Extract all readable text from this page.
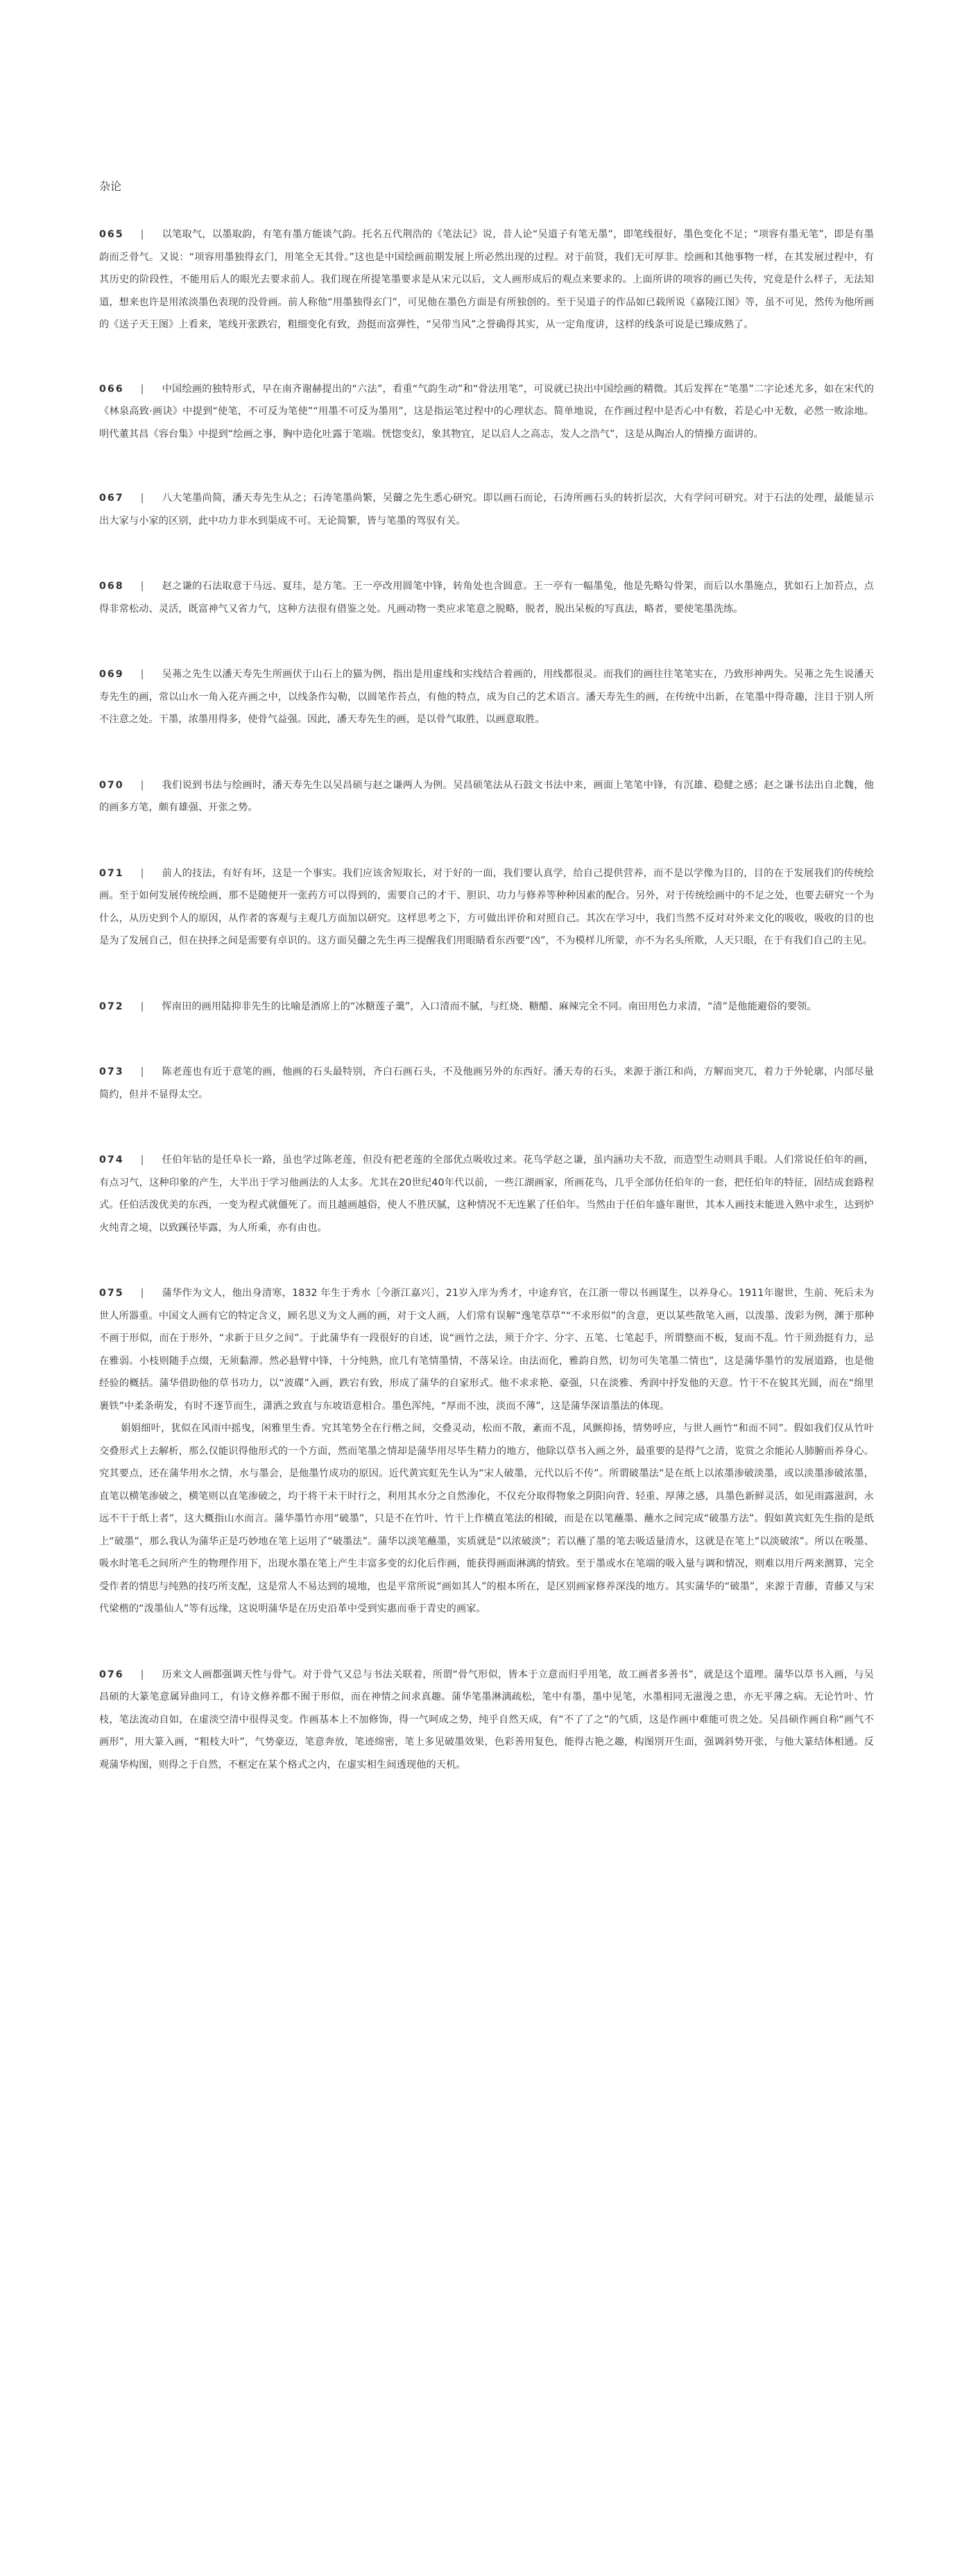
杂论

065 | 以笔取气，以墨取韵，有笔有墨方能谈气韵。托名五代荆浩的《笔法记》说，昔人论“吴道子有笔无墨”，即笔线很好，墨色变化不足；“项容有墨无笔”，即是有墨韵而乏骨气。又说：“项容用墨独得玄门，用笔全无其骨。”这也是中国绘画前期发展上所必然出现的过程。对于前贤，我们无可厚非。绘画和其他事物一样，在其发展过程中，有其历史的阶段性，不能用后人的眼光去要求前人。我们现在所提笔墨要求是从宋元以后，文人画形成后的观点来要求的。上面所讲的项容的画已失传，究竟是什么样子，无法知道，想来也许是用浓淡墨色表现的没骨画。前人称他“用墨独得玄门”，可见他在墨色方面是有所独创的。至于吴道子的作品如已载所说《嘉陵江图》等，虽不可见，然传为他所画的《送子天王图》上看来，笔线开张跌宕，粗细变化有致，劲挺而富弹性，“吴带当风”之誉确得其实，从一定角度讲，这样的线条可说是已臻成熟了。

066 | 中国绘画的独特形式，早在南齐谢赫提出的“六法”，看重“气韵生动”和“骨法用笔”，可说就已抉出中国绘画的精微。其后发挥在“笔墨”二字论述尤多，如在宋代的《林泉高致·画诀》中提到“使笔，不可反为笔使”“用墨不可反为墨用”，这是指运笔过程中的心理状态。简单地说，在作画过程中是否心中有数，若是心中无数，必然一败涂地。明代董其昌《容台集》中提到“绘画之事，胸中造化吐露于笔端。恍惚变幻，象其物宜，足以启人之高志，发人之浩气”，这是从陶冶人的情操方面讲的。

067 | 八大笔墨尚简，潘天寿先生从之；石涛笔墨尚繁，吴薾之先生悉心研究。即以画石而论，石涛所画石头的转折层次，大有学问可研究。对于石法的处理，最能显示出大家与小家的区别，此中功力非水到渠成不可。无论简繁，皆与笔墨的驾驭有关。

068 | 赵之谦的石法取意于马远、夏珪，是方笔。王一亭改用圆笔中锋，转角处也含圆意。王一亭有一幅墨兔，他是先略勾骨架，而后以水墨施点，犹如石上加苔点，点得非常松动、灵活，既富神气又省力气，这种方法很有借鉴之处。凡画动物一类应求笔意之脱略，脱者，脱出呆板的写真法，略者，要使笔墨洗练。

069 | 吴茀之先生以潘天寿先生所画伏于山石上的猫为例，指出是用虚线和实线结合着画的，用线都很灵。而我们的画往往笔笔实在，乃致形神两失。吴茀之先生说潘天寿先生的画，常以山水一角入花卉画之中，以线条作勾勒，以圆笔作苔点，有他的特点，成为自己的艺术语言。潘天寿先生的画，在传统中出新，在笔墨中得奇趣，注目于别人所不注意之处。干墨，浓墨用得多，使骨气益强。因此，潘天寿先生的画，是以骨气取胜，以画意取胜。

070 | 我们说到书法与绘画时，潘天寿先生以吴昌硕与赵之谦两人为例。吴昌硕笔法从石鼓文书法中来，画面上笔笔中锋，有沉雄、稳健之感；赵之谦书法出自北魏，他的画多方笔，颇有雄强、开张之势。

071 | 前人的技法，有好有坏，这是一个事实。我们应该舍短取长，对于好的一面，我们要认真学，给自己提供营养，而不是以学像为目的，目的在于发展我们的传统绘画。至于如何发展传统绘画，那不是随便开一张药方可以得到的，需要自己的才干、胆识、功力与修养等种种因素的配合。另外，对于传统绘画中的不足之处，也要去研究一个为什么，从历史到个人的原因，从作者的客观与主观几方面加以研究。这样思考之下，方可做出评价和对照自己。其次在学习中，我们当然不反对对外来文化的吸收，吸收的目的也是为了发展自己，但在抉择之间是需要有卓识的。这方面吴薾之先生再三提醒我们用眼睛看东西要“凶”，不为模样儿所蒙，亦不为名头所欺，人天只眼，在于有我们自己的主见。

072 | 恽南田的画用陆抑非先生的比喻是酒席上的“冰糖莲子羹”，入口清而不腻，与红烧、糖醋、麻辣完全不同。南田用色力求清，“清”是他能避俗的要领。

073 | 陈老莲也有近于意笔的画，他画的石头最特别，齐白石画石头，不及他画另外的东西好。潘天寿的石头，来源于浙江和尚，方解而突兀，着力于外轮廓，内部尽量简约，但并不显得太空。

074 | 任伯年钻的是任阜长一路，虽也学过陈老莲，但没有把老莲的全部优点吸收过来。花鸟学赵之谦，虽内涵功夫不敌，而造型生动则具手眼。人们常说任伯年的画，有点习气，这种印象的产生，大半出于学习他画法的人太多。尤其在20世纪40年代以前，一些江湖画家，所画花鸟，几乎全部仿任伯年的一套，把任伯年的特征，固结成套路程式。任伯活泼优美的东西，一变为程式就僵死了。而且越画越俗，使人不胜厌腻，这种情况不无连累了任伯年。当然由于任伯年盛年谢世，其本人画技未能进入熟中求生，达到炉火纯青之境，以致蹊径毕露，为人所乘，亦有由也。

075 | 蒲华作为文人，他出身清寒，1832 年生于秀水［今浙江嘉兴］，21岁入庠为秀才，中途弃官，在江浙一带以书画谋生，以养身心。1911年谢世，生前、死后未为世人所器重。中国文人画有它的特定含义，顾名思义为文人画的画，对于文人画，人们常有误解“逸笔草草”“不求形似”的含意，更以某些散笔入画，以泼墨、泼彩为例，渊于那种不画于形似，而在于形外，“求新于旦夕之间”。于此蒲华有一段很好的自述，说“画竹之法，须于介字、分字、五笔、七笔起手，所谓整而不板，复而不乱。竹干须劲挺有力，忌在雅弱。小枝则随手点缀，无须黏滞。然必悬臂中锋，十分纯熟，庶几有笔情墨情，不落呆诠。由法而化，雅韵自然，切勿可失笔墨二情也”，这是蒲华墨竹的发展道路，也是他经验的概括。蒲华借助他的草书功力，以“波碟”入画，跌宕有致，形成了蒲华的自家形式。他不求求艳、豪强，只在淡雅、秀润中抒发他的天意。竹干不在貌其光圆，而在“绵里裹铁”中柔条萌发，有时不逐节而生，潇洒之致直与东坡语意相合。墨色浑纯，“厚而不浊，淡而不薄”，这是蒲华深谙墨法的体现。

娟娟细叶，犹似在风雨中摇曳，闲雅里生香。究其笔势全在行楷之间，交叠灵动，松而不散，紊而不乱，风颤抑扬，情势呼应，与世人画竹“和而不同”。假如我们仅从竹叶交叠形式上去解析，那么仅能识得他形式的一个方面，然而笔墨之情却是蒲华用尽毕生精力的地方，他除以草书入画之外，最重要的是得气之清，览赏之余能沁人肺腑而养身心。究其要点，还在蒲华用水之情，水与墨会，是他墨竹成功的原因。近代黄宾虹先生认为“宋人破墨，元代以后不传”。所谓破墨法“是在纸上以浓墨渗破淡墨，或以淡墨渗破浓墨，直笔以横笔渗破之，横笔则以直笔渗破之，均于将干未干时行之，利用其水分之自然渗化，不仅充分取得物象之阴阳向背、轻重、厚薄之感，具墨色新鲜灵活，如见雨露滋润，永远不干于纸上者”，这大概指山水而言。蒲华墨竹亦用“破墨”，只是不在竹叶、竹干上作横直笔法的相破，而是在以笔蘸墨、蘸水之间完成“破墨方法”。假如黄宾虹先生指的是纸上“破墨”，那么我认为蒲华正是巧妙地在笔上运用了“破墨法”。蒲华以淡笔蘸墨，实质就是“以浓破淡”；若以蘸了墨的笔去吸适量清水，这就是在笔上“以淡破浓”。所以在吸墨、吸水时笔毛之间所产生的物理作用下，出现水墨在笔上产生丰富多变的幻化后作画，能获得画面淋漓的情致。至于墨或水在笔端的吸入量与调和情况，则难以用斤两来测算，完全受作者的情思与纯熟的技巧所支配，这是常人不易达到的境地，也是平常所说“画如其人”的根本所在，是区别画家修养深浅的地方。其实蒲华的“破墨”，来源于青藤，青藤又与宋代梁楷的“泼墨仙人”等有远缘，这说明蒲华是在历史沿革中受到实惠而垂于青史的画家。

076 | 历来文人画都强调天性与骨气。对于骨气又总与书法关联着，所谓“骨气形似，皆本于立意而归乎用笔，故工画者多善书”，就是这个道理。蒲华以草书入画，与吴昌硕的大篆笔意属异曲同工，有诗文修养都不囿于形似，而在神情之间求真趣。蒲华笔墨淋漓疏松，笔中有墨，墨中见笔，水墨相同无滋漫之患，亦无平薄之病。无论竹叶、竹枝，笔法流动自如，在虚淡空清中很得灵变。作画基本上不加修饰，得一气呵成之势，纯乎自然天成，有“不了了之”的气质，这是作画中难能可贵之处。吴昌硕作画自称“画气不画形”，用大篆入画，“粗枝大叶”，气势豪迈，笔意奔放，笔迹绵密，笔上多见破墨效果，色彩善用复色，能得古艳之趣，构图別开生面，强调斜势开张，与他大篆结体相通。反观蒲华构图，则得之于自然，不框定在某个格式之内，在虚实相生间透现他的天机。
